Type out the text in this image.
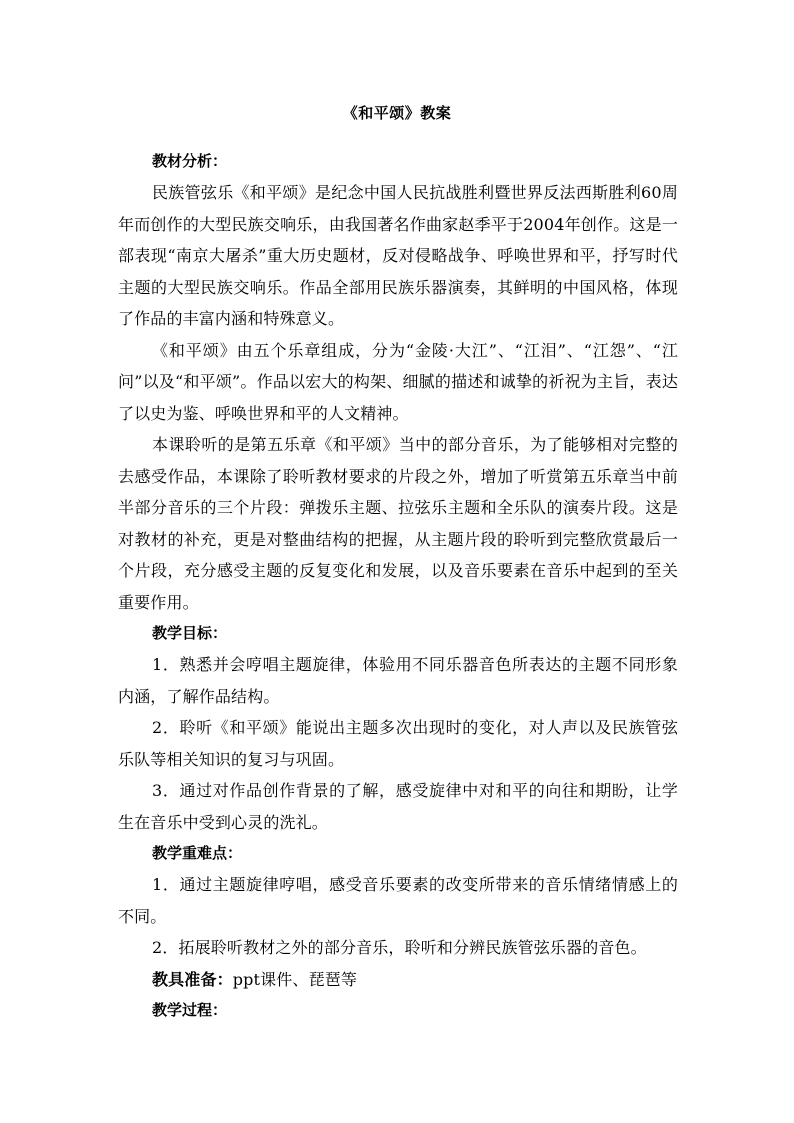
《和平颂》教案
教材分析：
民族管弦乐《和平颂》是纪念中国人民抗战胜利暨世界反法西斯胜利60周年而创作的大型民族交响乐，由我国著名作曲家赵季平于2004年创作。这是一部表现“南京大屠杀”重大历史题材，反对侵略战争、呼唤世界和平，抒写时代主题的大型民族交响乐。作品全部用民族乐器演奏，其鲜明的中国风格，体现了作品的丰富内涵和特殊意义。
《和平颂》由五个乐章组成，分为“金陵·大江”、“江泪”、“江怨”、“江问”以及“和平颂”。作品以宏大的构架、细腻的描述和诚挚的祈祝为主旨，表达了以史为鉴、呼唤世界和平的人文精神。
本课聆听的是第五乐章《和平颂》当中的部分音乐，为了能够相对完整的去感受作品，本课除了聆听教材要求的片段之外，增加了听赏第五乐章当中前半部分音乐的三个片段：弹拨乐主题、拉弦乐主题和全乐队的演奏片段。这是对教材的补充，更是对整曲结构的把握，从主题片段的聆听到完整欣赏最后一个片段，充分感受主题的反复变化和发展，以及音乐要素在音乐中起到的至关重要作用。
教学目标：
1．熟悉并会哼唱主题旋律，体验用不同乐器音色所表达的主题不同形象内涵，了解作品结构。
2．聆听《和平颂》能说出主题多次出现时的变化，对人声以及民族管弦乐队等相关知识的复习与巩固。
3．通过对作品创作背景的了解，感受旋律中对和平的向往和期盼，让学生在音乐中受到心灵的洗礼。
教学重难点：
1．通过主题旋律哼唱，感受音乐要素的改变所带来的音乐情绪情感上的不同。
2．拓展聆听教材之外的部分音乐，聆听和分辨民族管弦乐器的音色。
教具准备：ppt课件、琵琶等
教学过程：
